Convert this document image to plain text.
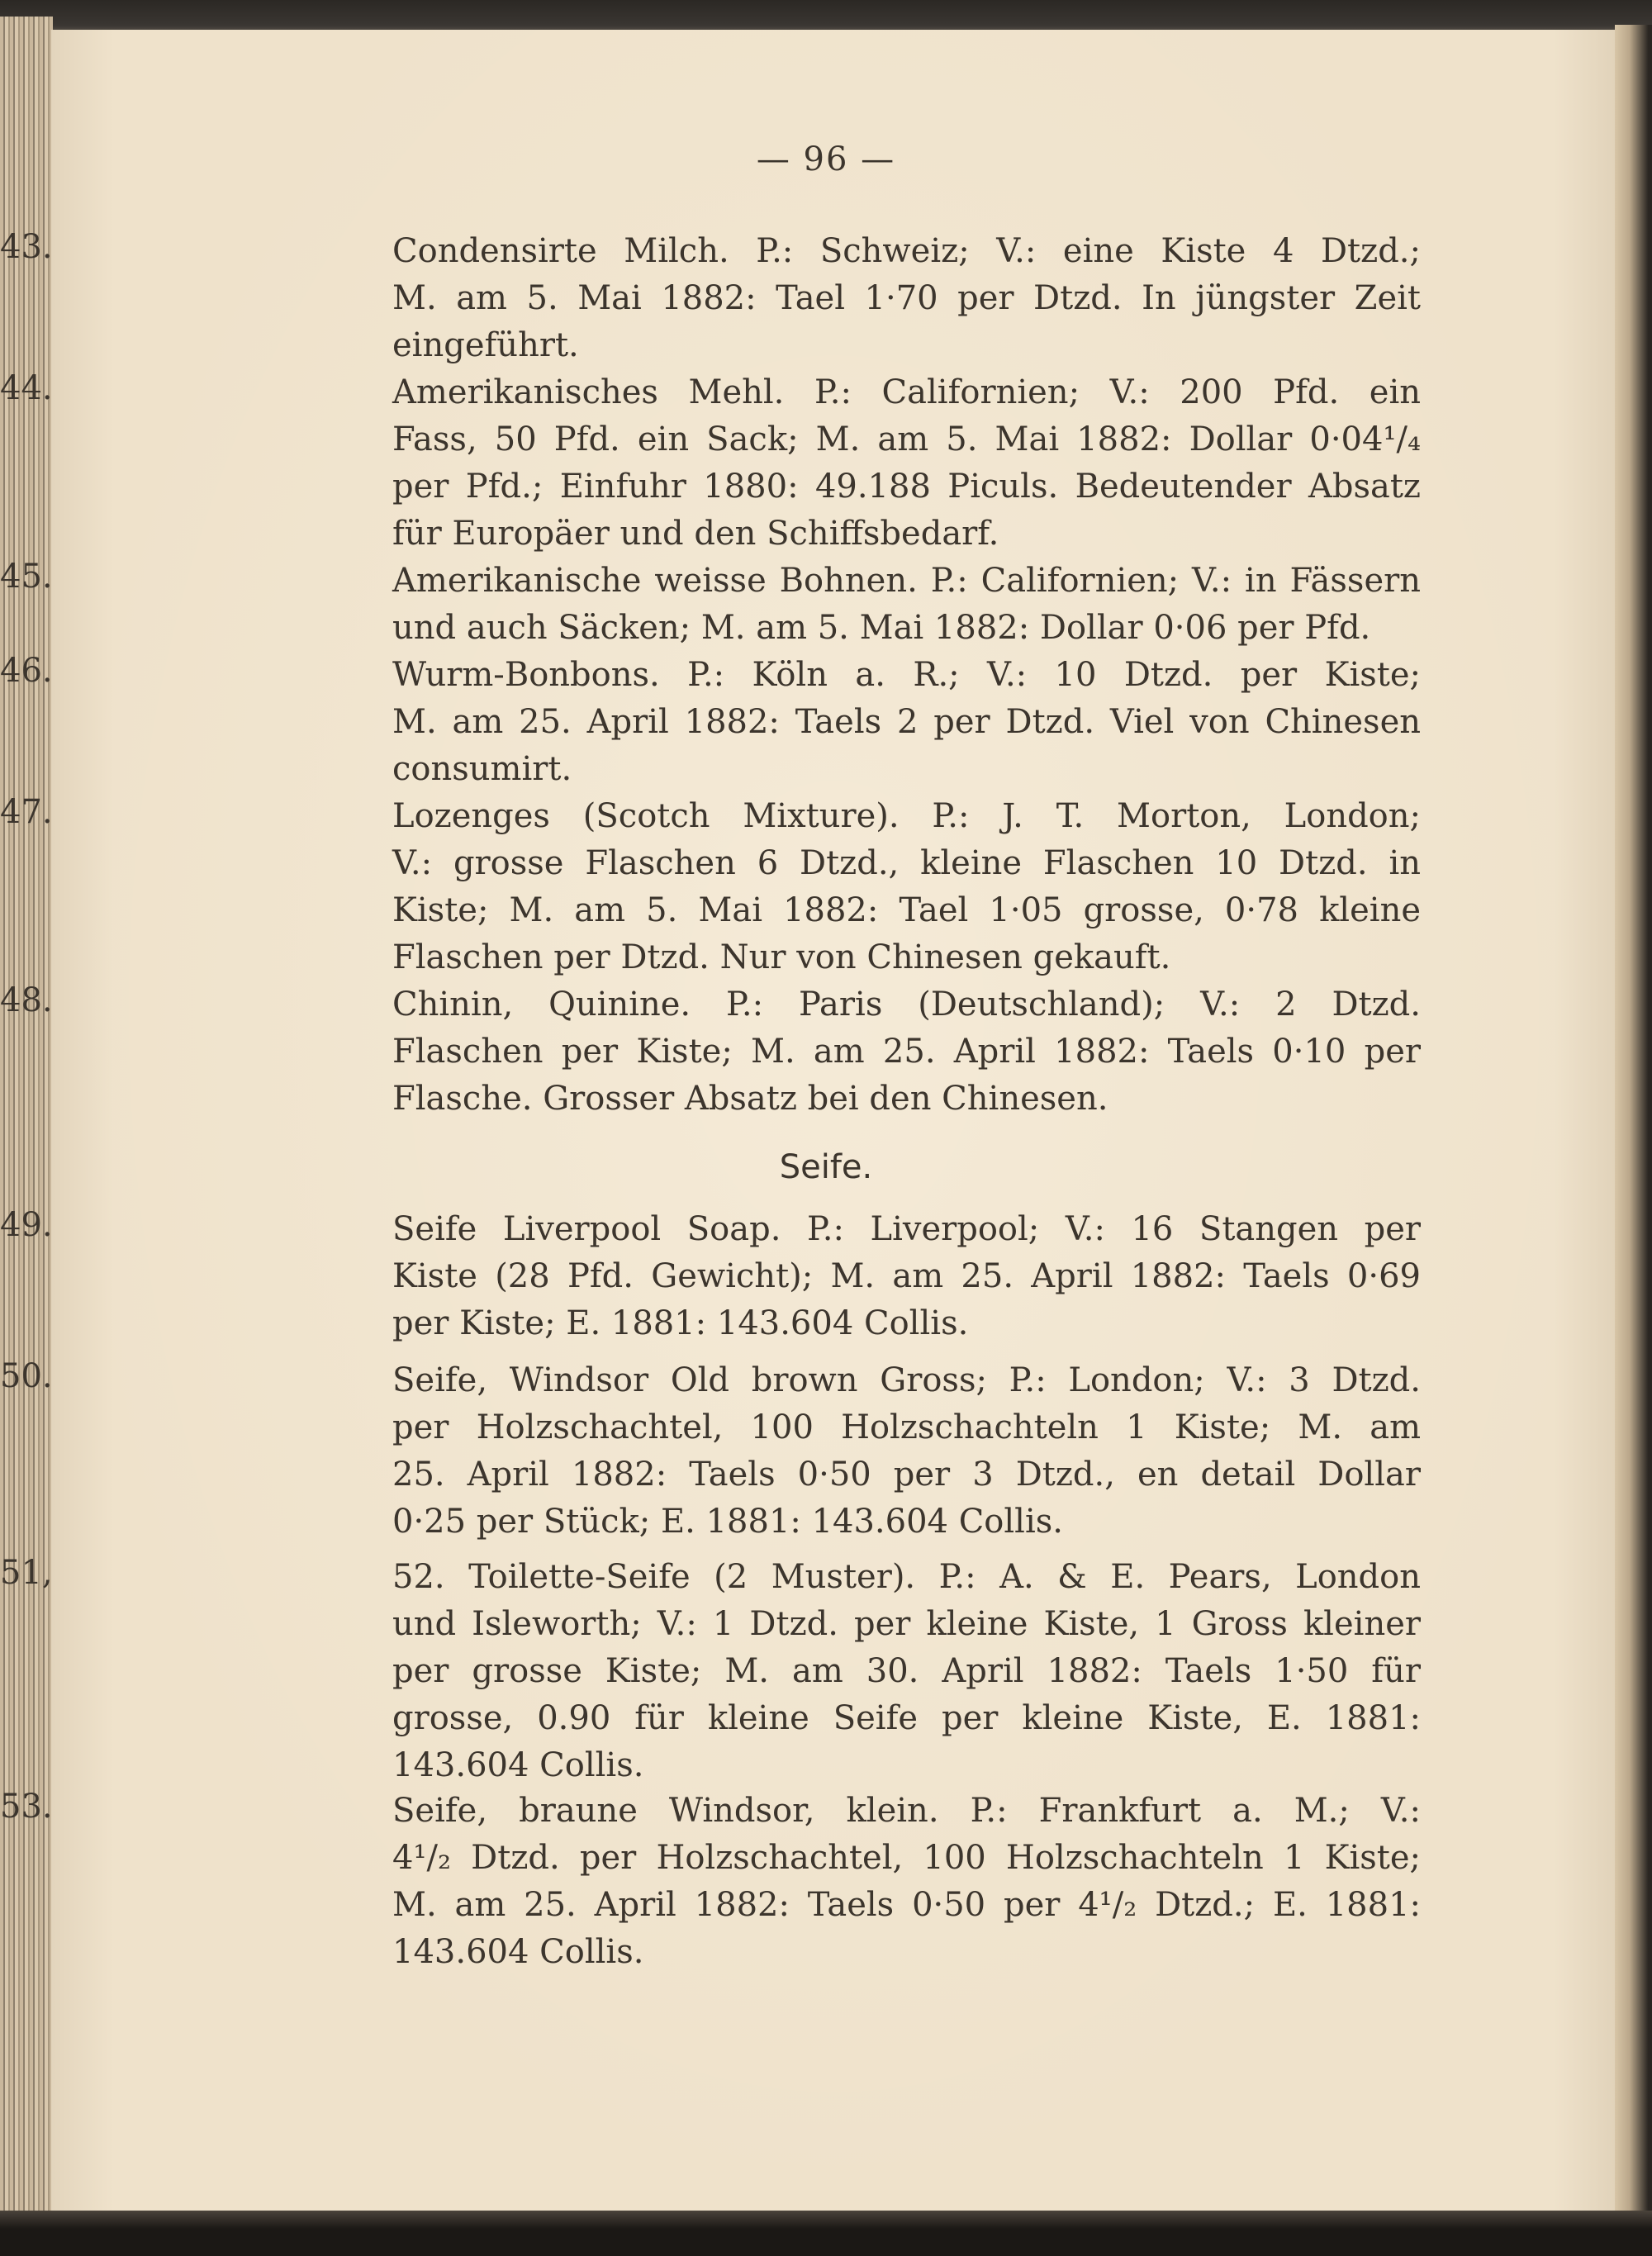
— 96 —
43.	Condensirte Milch. P.: Schweiz; V.: eine Kiste 4 Dtzd.;
M. am 5. Mai 1882: Tael 1·70 per Dtzd. In jüngster Zeit
eingeführt.
44.	Amerikanisches Mehl. P.: Californien; V.: 200 Pfd. ein
Fass, 50 Pfd. ein Sack; M. am 5. Mai 1882: Dollar 0·04¹/₄
per Pfd.; Einfuhr 1880: 49.188 Piculs. Bedeutender Absatz
für Europäer und den Schiffsbedarf.
45.	Amerikanische weisse Bohnen. P.: Californien; V.: in Fässern
und auch Säcken; M. am 5. Mai 1882: Dollar 0·06 per Pfd.
46.	Wurm-Bonbons. P.: Köln a. R.; V.: 10 Dtzd. per Kiste;
M. am 25. April 1882: Taels 2 per Dtzd. Viel von Chinesen
consumirt.
47.	Lozenges (Scotch Mixture). P.: J. T. Morton, London;
V.: grosse Flaschen 6 Dtzd., kleine Flaschen 10 Dtzd. in
Kiste; M. am 5. Mai 1882: Tael 1·05 grosse, 0·78 kleine
Flaschen per Dtzd. Nur von Chinesen gekauft.
48.	Chinin, Quinine. P.: Paris (Deutschland); V.: 2 Dtzd.
Flaschen per Kiste; M. am 25. April 1882: Taels 0·10 per
Flasche. Grosser Absatz bei den Chinesen.
Seife.
49.	Seife Liverpool Soap. P.: Liverpool; V.: 16 Stangen per
Kiste (28 Pfd. Gewicht); M. am 25. April 1882: Taels 0·69
per Kiste; E. 1881: 143.604 Collis.
50.	Seife, Windsor Old brown Gross; P.: London; V.: 3 Dtzd.
per Holzschachtel, 100 Holzschachteln 1 Kiste; M. am
25. April 1882: Taels 0·50 per 3 Dtzd., en detail Dollar
0·25 per Stück; E. 1881: 143.604 Collis.
51,	52. Toilette-Seife (2 Muster). P.: A. & E. Pears, London
und Isleworth; V.: 1 Dtzd. per kleine Kiste, 1 Gross kleiner
per grosse Kiste; M. am 30. April 1882: Taels 1·50 für
grosse, 0.90 für kleine Seife per kleine Kiste, E. 1881:
143.604 Collis.
53.	Seife, braune Windsor, klein. P.: Frankfurt a. M.; V.:
4¹/₂ Dtzd. per Holzschachtel, 100 Holzschachteln 1 Kiste;
M. am 25. April 1882: Taels 0·50 per 4¹/₂ Dtzd.; E. 1881:
143.604 Collis.
